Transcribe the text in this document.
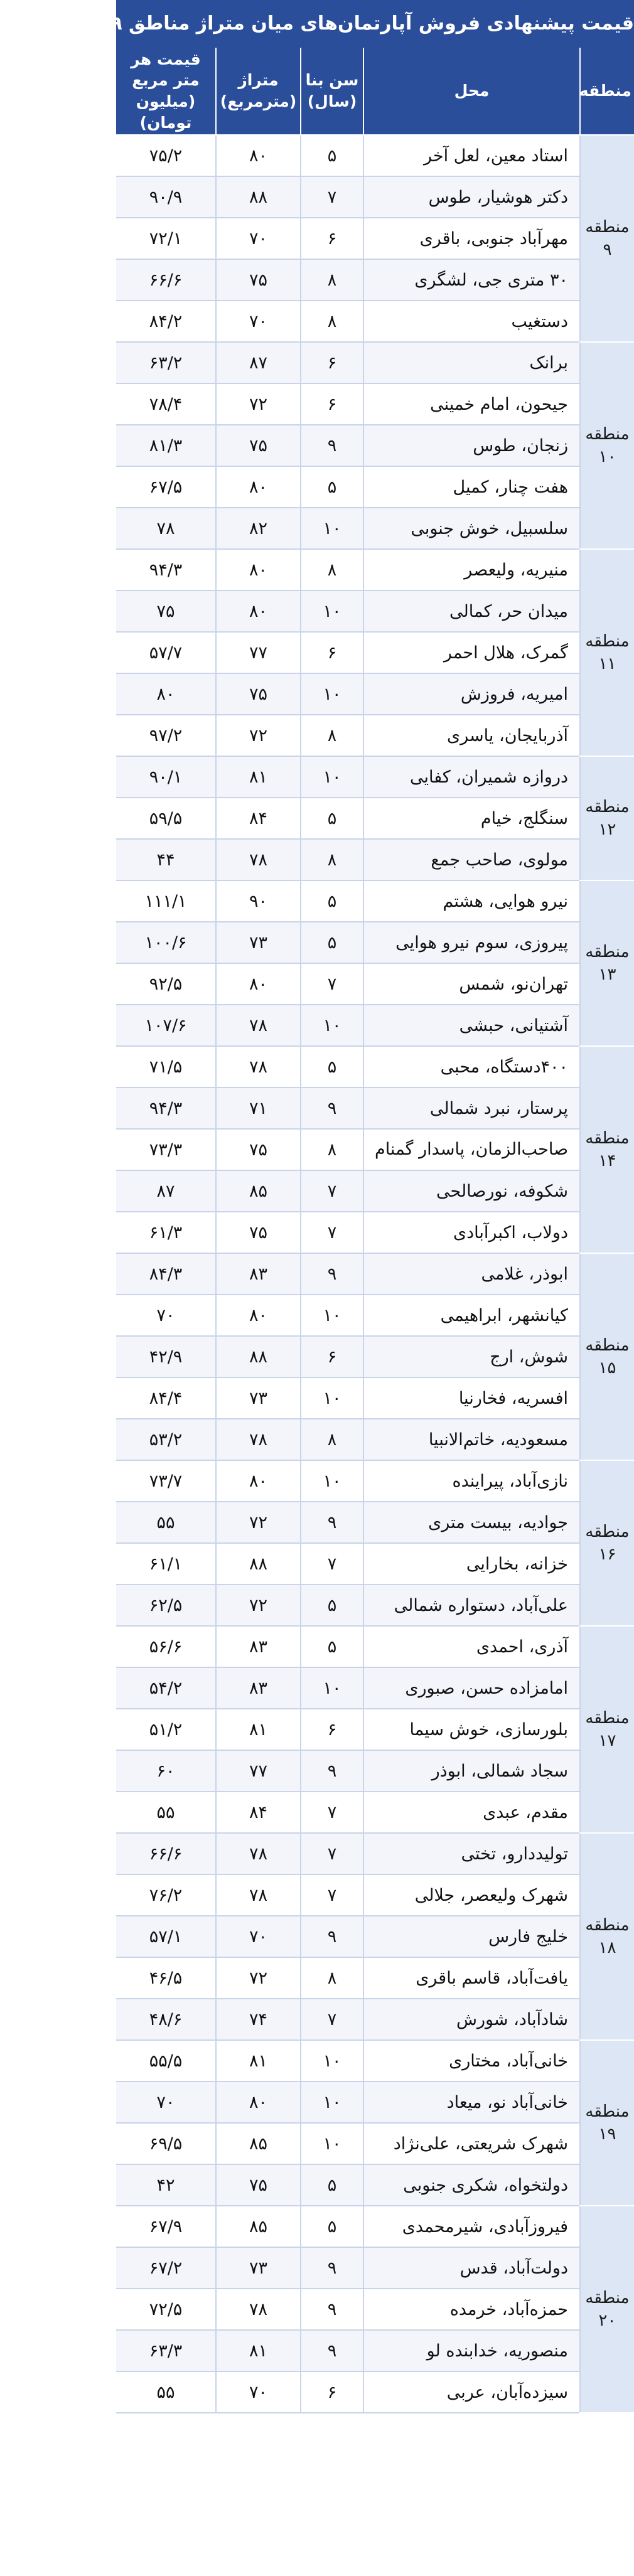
قیمت پیشنهادی فروش آپارتمان‌های میان متراژ مناطق ۹ تا ۲۰ تهران
منطقه	محل	سن بنا (سال)	متراژ (مترمربع)	قیمت هر متر مربع (میلیون تومان)
منطقه ۹	استاد معین، لعل آخر	۵	۸۰	۷۵/۲
	دکتر هوشیار، طوس	۷	۸۸	۹۰/۹
	مهرآباد جنوبی، باقری	۶	۷۰	۷۲/۱
	۳۰ متری جی، لشگری	۸	۷۵	۶۶/۶
	دستغیب	۸	۷۰	۸۴/۲
منطقه ۱۰	برانک	۶	۸۷	۶۳/۲
	جیحون، امام خمینی	۶	۷۲	۷۸/۴
	زنجان، طوس	۹	۷۵	۸۱/۳
	هفت چنار، کمیل	۵	۸۰	۶۷/۵
	سلسبیل، خوش جنوبی	۱۰	۸۲	۷۸
منطقه ۱۱	منیریه، ولیعصر	۸	۸۰	۹۴/۳
	میدان حر، کمالی	۱۰	۸۰	۷۵
	گمرک، هلال احمر	۶	۷۷	۵۷/۷
	امیریه، فروزش	۱۰	۷۵	۸۰
	آذربایجان، یاسری	۸	۷۲	۹۷/۲
منطقه ۱۲	دروازه شمیران، کفایی	۱۰	۸۱	۹۰/۱
	سنگلج، خیام	۵	۸۴	۵۹/۵
	مولوی، صاحب جمع	۸	۷۸	۴۴
منطقه ۱۳	نیرو هوایی، هشتم	۵	۹۰	۱۱۱/۱
	پیروزی، سوم نیرو هوایی	۵	۷۳	۱۰۰/۶
	تهران‌نو، شمس	۷	۸۰	۹۲/۵
	آشتیانی، حبشی	۱۰	۷۸	۱۰۷/۶
منطقه ۱۴	۴۰۰دستگاه، محبی	۵	۷۸	۷۱/۵
	پرستار، نبرد شمالی	۹	۷۱	۹۴/۳
	صاحب‌الزمان، پاسدار گمنام	۸	۷۵	۷۳/۳
	شکوفه، نورصالحی	۷	۸۵	۸۷
	دولاب، اکبرآبادی	۷	۷۵	۶۱/۳
منطقه ۱۵	ابوذر، غلامی	۹	۸۳	۸۴/۳
	کیانشهر، ابراهیمی	۱۰	۸۰	۷۰
	شوش، ارج	۶	۸۸	۴۲/۹
	افسریه، فخارنیا	۱۰	۷۳	۸۴/۴
	مسعودیه، خاتم‌الانبیا	۸	۷۸	۵۳/۲
منطقه ۱۶	نازی‌آباد، پیراینده	۱۰	۸۰	۷۳/۷
	جوادیه، بیست متری	۹	۷۲	۵۵
	خزانه، بخارایی	۷	۸۸	۶۱/۱
	علی‌آباد، دستواره شمالی	۵	۷۲	۶۲/۵
منطقه ۱۷	آذری، احمدی	۵	۸۳	۵۶/۶
	امامزاده حسن، صبوری	۱۰	۸۳	۵۴/۲
	بلورسازی، خوش سیما	۶	۸۱	۵۱/۲
	سجاد شمالی، ابوذر	۹	۷۷	۶۰
	مقدم، عبدی	۷	۸۴	۵۵
منطقه ۱۸	تولیددارو، تختی	۷	۷۸	۶۶/۶
	شهرک ولیعصر، جلالی	۷	۷۸	۷۶/۲
	خلیج فارس	۹	۷۰	۵۷/۱
	یافت‌آباد، قاسم باقری	۸	۷۲	۴۶/۵
	شادآباد، شورش	۷	۷۴	۴۸/۶
منطقه ۱۹	خانی‌آباد، مختاری	۱۰	۸۱	۵۵/۵
	خانی‌آباد نو، میعاد	۱۰	۸۰	۷۰
	شهرک شریعتی، علی‌نژاد	۱۰	۸۵	۶۹/۵
	دولتخواه، شکری جنوبی	۵	۷۵	۴۲
منطقه ۲۰	فیروزآبادی، شیرمحمدی	۵	۸۵	۶۷/۹
	دولت‌آباد، قدس	۹	۷۳	۶۷/۲
	حمزه‌آباد، خرمده	۹	۷۸	۷۲/۵
	منصوریه، خدابنده لو	۹	۸۱	۶۳/۳
	سیزده‌آبان، عربی	۶	۷۰	۵۵
